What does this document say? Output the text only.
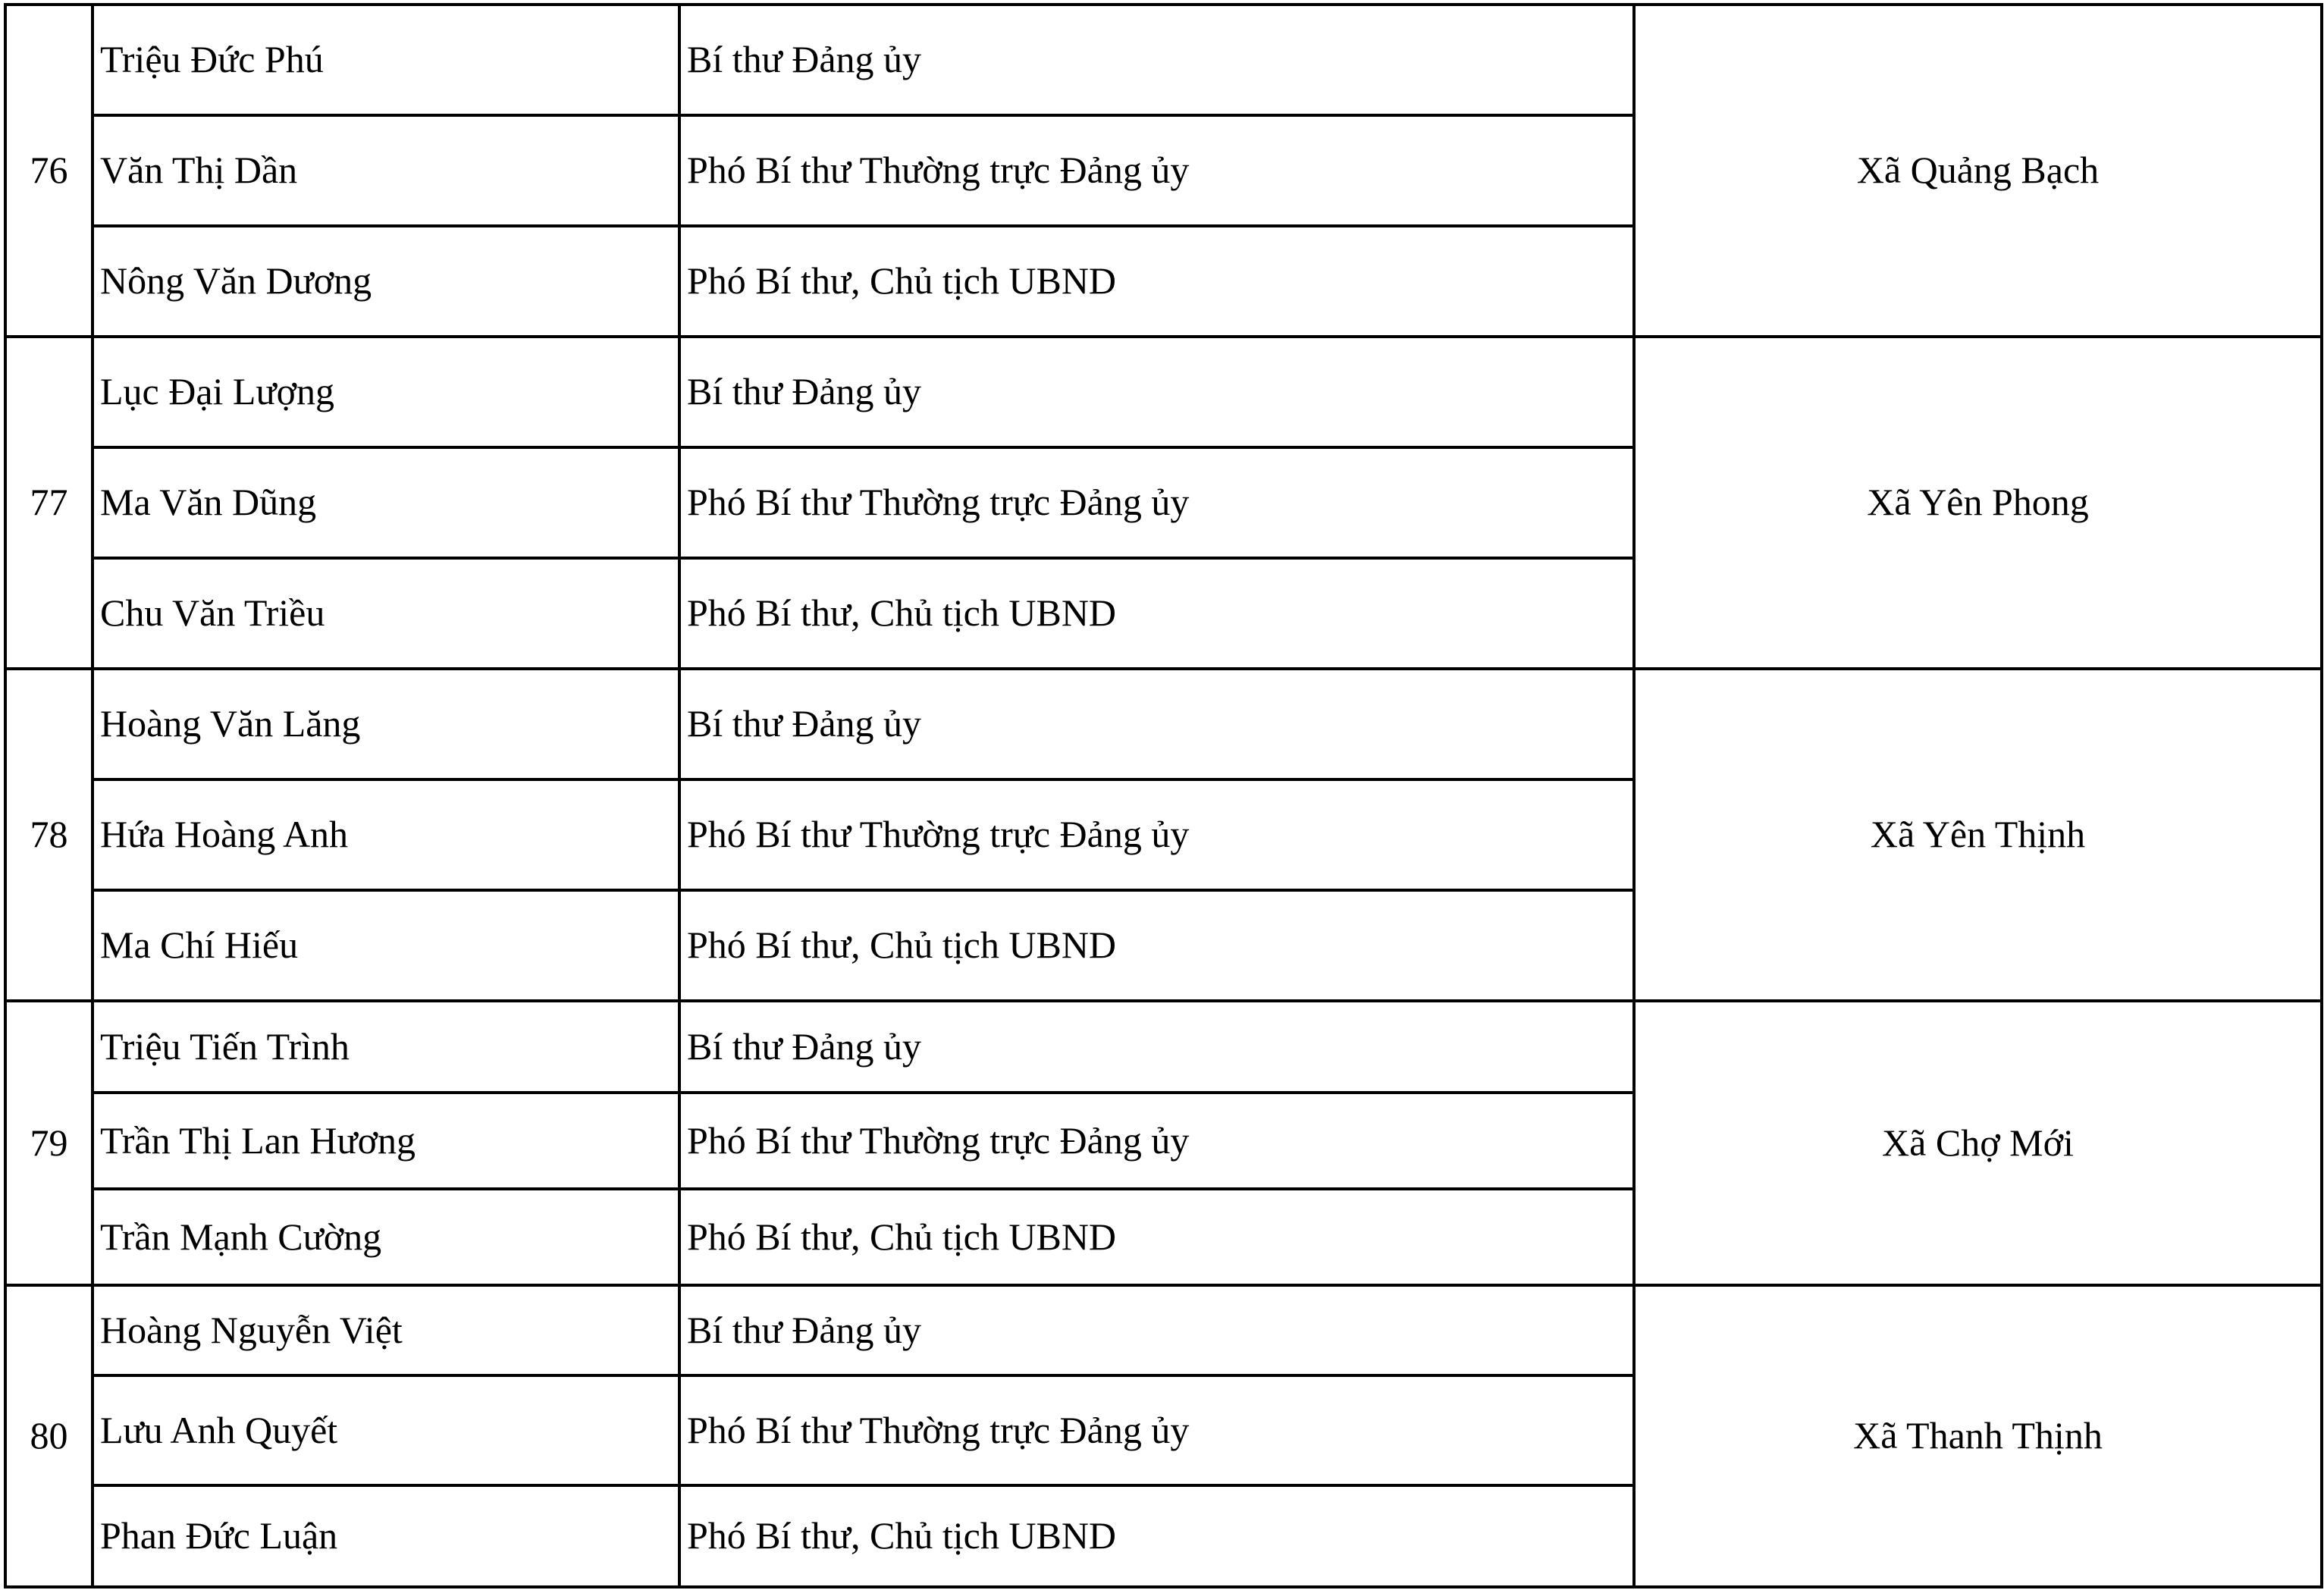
76	Triệu Đức Phú	Bí thư Đảng ủy	Xã Quảng Bạch
	Văn Thị Dần	Phó Bí thư Thường trực Đảng ủy	
	Nông Văn Dương	Phó Bí thư, Chủ tịch UBND	
77	Lục Đại Lượng	Bí thư Đảng ủy	Xã Yên Phong
	Ma Văn Dũng	Phó Bí thư Thường trực Đảng ủy	
	Chu Văn Triều	Phó Bí thư, Chủ tịch UBND	
78	Hoàng Văn Lăng	Bí thư Đảng ủy	Xã Yên Thịnh
	Hứa Hoàng Anh	Phó Bí thư Thường trực Đảng ủy	
	Ma Chí Hiếu	Phó Bí thư, Chủ tịch UBND	
79	Triệu Tiến Trình	Bí thư Đảng ủy	Xã Chợ Mới
	Trần Thị Lan Hương	Phó Bí thư Thường trực Đảng ủy	
	Trần Mạnh Cường	Phó Bí thư, Chủ tịch UBND	
80	Hoàng Nguyễn Việt	Bí thư Đảng ủy	Xã Thanh Thịnh
	Lưu Anh Quyết	Phó Bí thư Thường trực Đảng ủy	
	Phan Đức Luận	Phó Bí thư, Chủ tịch UBND	
